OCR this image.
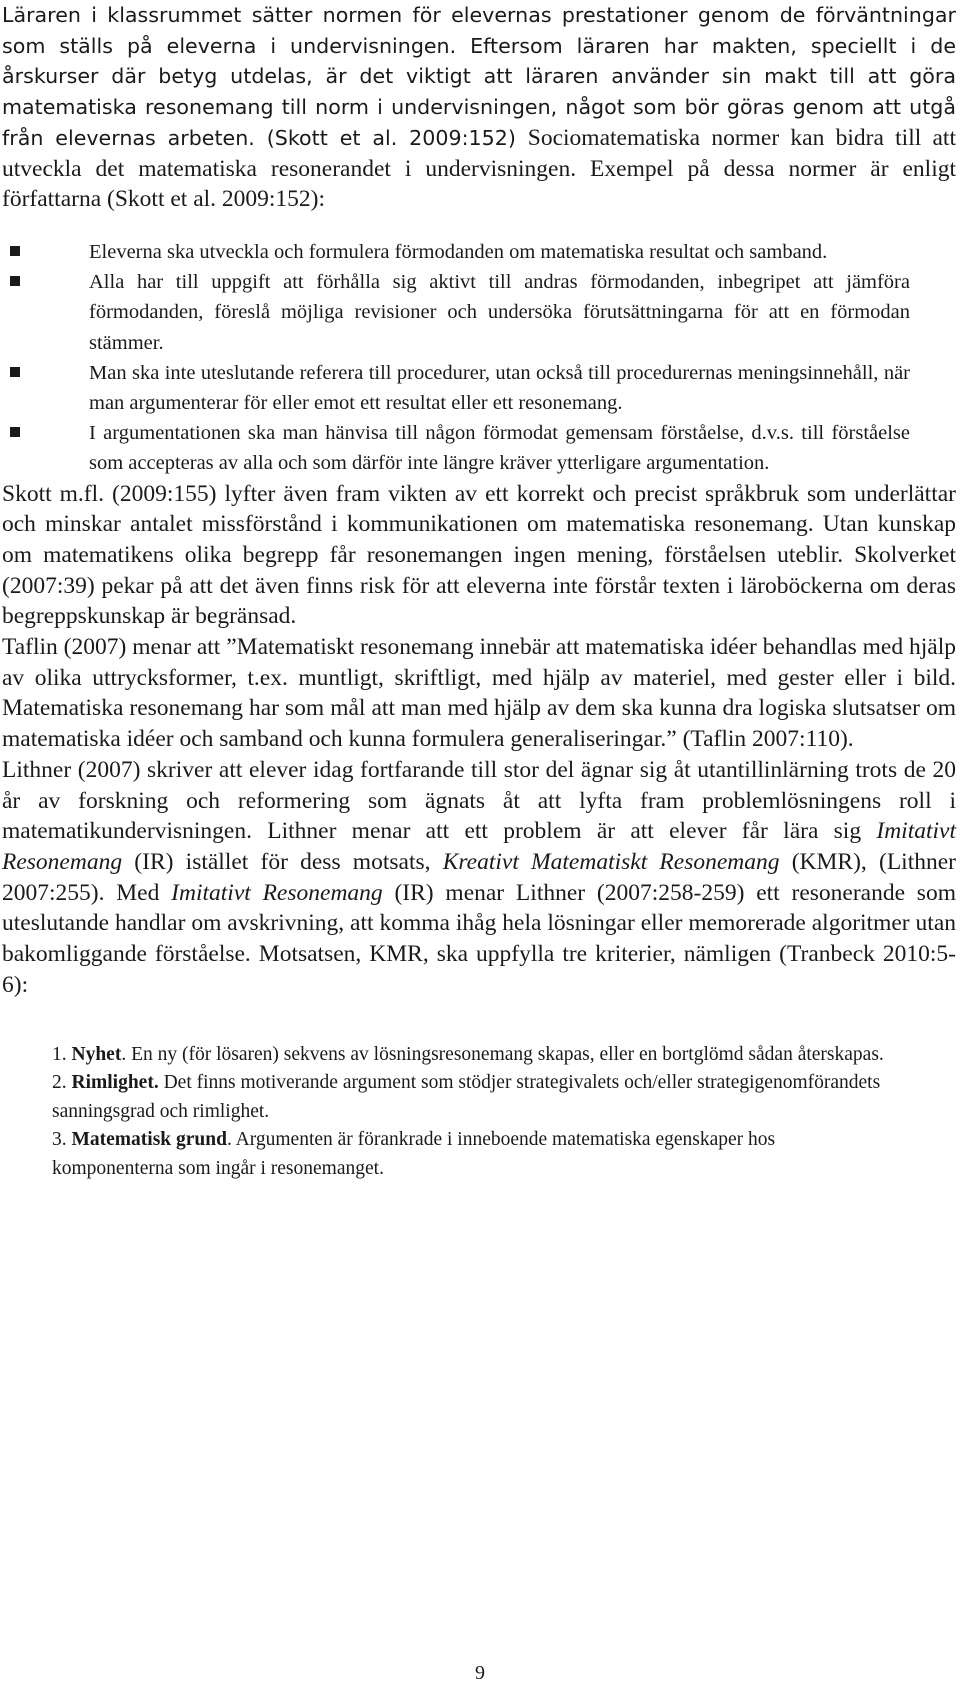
Läraren i klassrummet sätter normen för elevernas prestationer genom de förväntningar som ställs på eleverna i undervisningen. Eftersom läraren har makten, speciellt i de årskurser där betyg utdelas, är det viktigt att läraren använder sin makt till att göra matematiska resonemang till norm i undervisningen, något som bör göras genom att utgå från elevernas arbeten. (Skott et al. 2009:152) Sociomatematiska normer kan bidra till att utveckla det matematiska resonerandet i undervisningen. Exempel på dessa normer är enligt författarna (Skott et al. 2009:152):

Eleverna ska utveckla och formulera förmodanden om matematiska resultat och samband.
Alla har till uppgift att förhålla sig aktivt till andras förmodanden, inbegripet att jämföra förmodanden, föreslå möjliga revisioner och undersöka förutsättningarna för att en förmodan stämmer.
Man ska inte uteslutande referera till procedurer, utan också till procedurernas meningsinnehåll, när man argumenterar för eller emot ett resultat eller ett resonemang.
I argumentationen ska man hänvisa till någon förmodat gemensam förståelse, d.v.s. till förståelse som accepteras av alla och som därför inte längre kräver ytterligare argumentation.

Skott m.fl. (2009:155) lyfter även fram vikten av ett korrekt och precist språkbruk som underlättar och minskar antalet missförstånd i kommunikationen om matematiska resonemang. Utan kunskap om matematikens olika begrepp får resonemangen ingen mening, förståelsen uteblir. Skolverket (2007:39) pekar på att det även finns risk för att eleverna inte förstår texten i läroböckerna om deras begreppskunskap är begränsad.

Taflin (2007) menar att ”Matematiskt resonemang innebär att matematiska idéer behandlas med hjälp av olika uttrycksformer, t.ex. muntligt, skriftligt, med hjälp av materiel, med gester eller i bild. Matematiska resonemang har som mål att man med hjälp av dem ska kunna dra logiska slutsatser om matematiska idéer och samband och kunna formulera generaliseringar.” (Taflin 2007:110).

Lithner (2007) skriver att elever idag fortfarande till stor del ägnar sig åt utantillinlärning trots de 20 år av forskning och reformering som ägnats åt att lyfta fram problemlösningens roll i matematikundervisningen. Lithner menar att ett problem är att elever får lära sig Imitativt Resonemang (IR) istället för dess motsats, Kreativt Matematiskt Resonemang (KMR), (Lithner 2007:255). Med Imitativt Resonemang (IR) menar Lithner (2007:258-259) ett resonerande som uteslutande handlar om avskrivning, att komma ihåg hela lösningar eller memorerade algoritmer utan bakomliggande förståelse. Motsatsen, KMR, ska uppfylla tre kriterier, nämligen (Tranbeck 2010:5-6):

1. Nyhet. En ny (för lösaren) sekvens av lösningsresonemang skapas, eller en bortglömd sådan återskapas.
2. Rimlighet. Det finns motiverande argument som stödjer strategivalets och/eller strategigenomförandets sanningsgrad och rimlighet.
3. Matematisk grund. Argumenten är förankrade i inneboende matematiska egenskaper hos komponenterna som ingår i resonemanget.
9
